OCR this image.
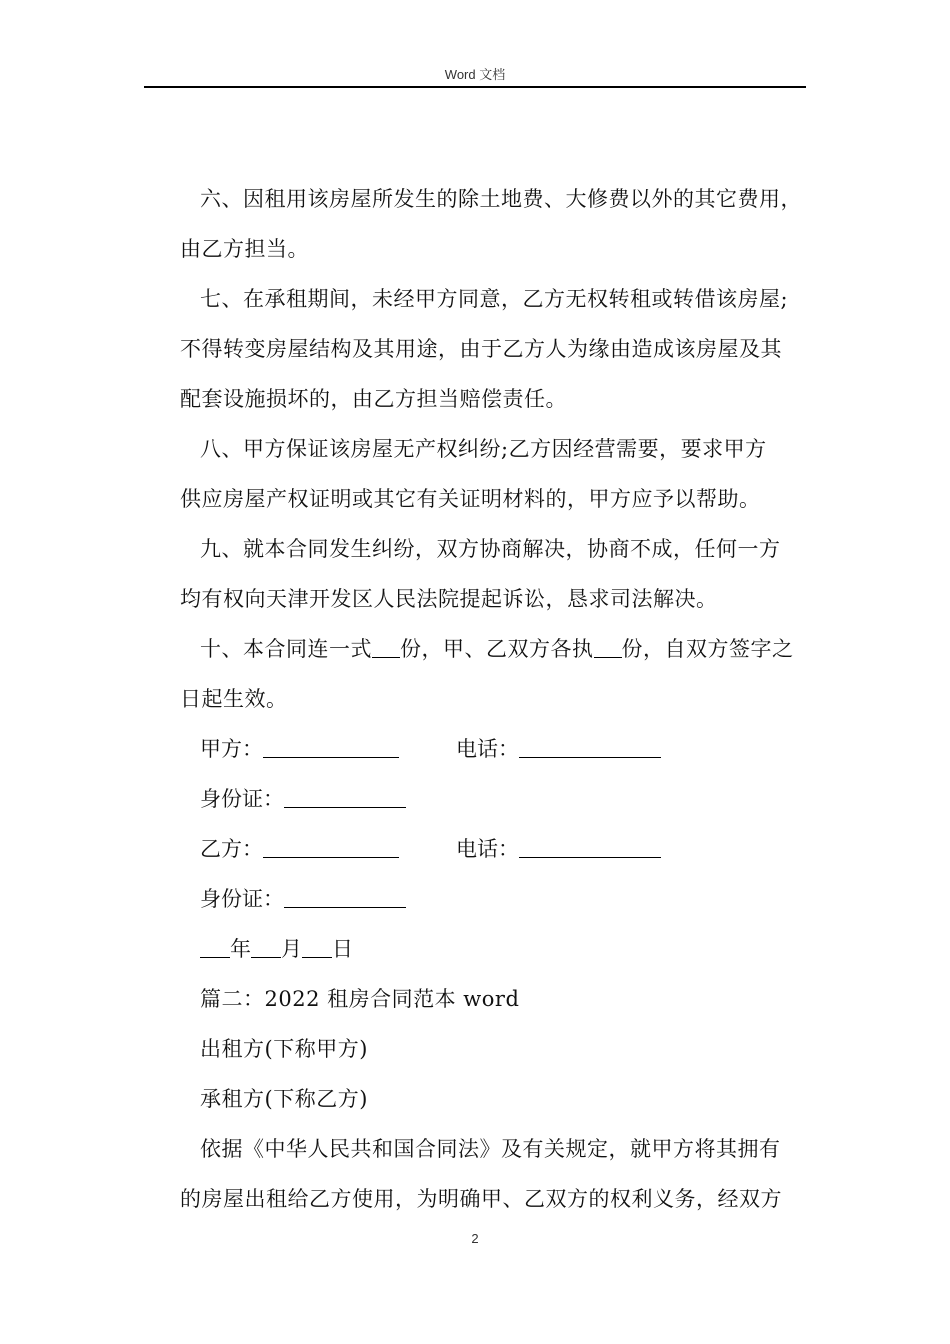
Word 文档
六、因租用该房屋所发生的除土地费、大修费以外的其它费用，
由乙方担当。
七、在承租期间，未经甲方同意，乙方无权转租或转借该房屋;
不得转变房屋结构及其用途，由于乙方人为缘由造成该房屋及其
配套设施损坏的，由乙方担当赔偿责任。
八、甲方保证该房屋无产权纠纷;乙方因经营需要，要求甲方
供应房屋产权证明或其它有关证明材料的，甲方应予以帮助。
九、就本合同发生纠纷，双方协商解决，协商不成，任何一方
均有权向天津开发区人民法院提起诉讼，恳求司法解决。
十、本合同连一式 份，甲、乙双方各执 份，自双方签字之
日起生效。
甲方：	电话：
身份证：
乙方：	电话：
身份证：
年 月 日
篇二：2022 租房合同范本 word
出租方(下称甲方)
承租方(下称乙方)
依据《中华人民共和国合同法》及有关规定，就甲方将其拥有
的房屋出租给乙方使用，为明确甲、乙双方的权利义务，经双方
2
